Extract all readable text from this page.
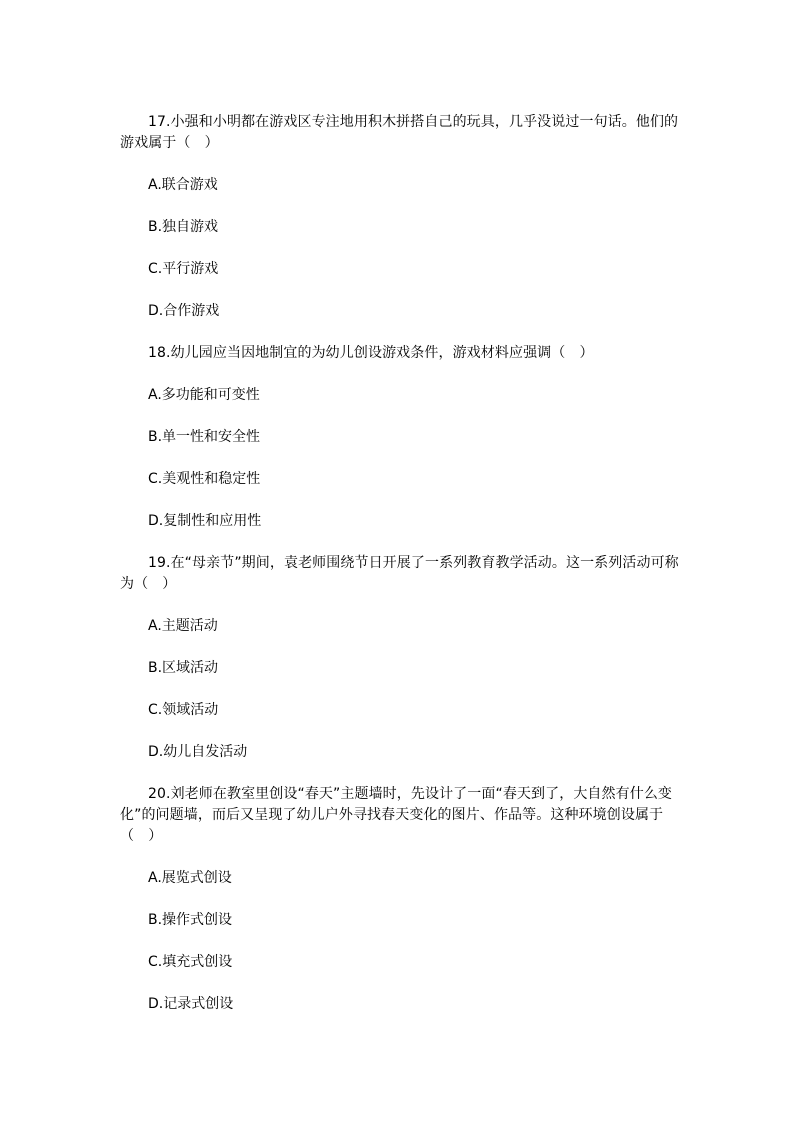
17.小强和小明都在游戏区专注地用积木拼搭自己的玩具，几乎没说过一句话。他们的游戏属于（　）

A.联合游戏

B.独自游戏

C.平行游戏

D.合作游戏

18.幼儿园应当因地制宜的为幼儿创设游戏条件，游戏材料应强调（　）

A.多功能和可变性

B.单一性和安全性

C.美观性和稳定性

D.复制性和应用性

19.在“母亲节”期间，袁老师围绕节日开展了一系列教育教学活动。这一系列活动可称为（　）

A.主题活动

B.区域活动

C.领域活动

D.幼儿自发活动

20.刘老师在教室里创设“春天”主题墙时，先设计了一面“春天到了，大自然有什么变化”的问题墙，而后又呈现了幼儿户外寻找春天变化的图片、作品等。这种环境创设属于（　）

A.展览式创设

B.操作式创设

C.填充式创设

D.记录式创设
